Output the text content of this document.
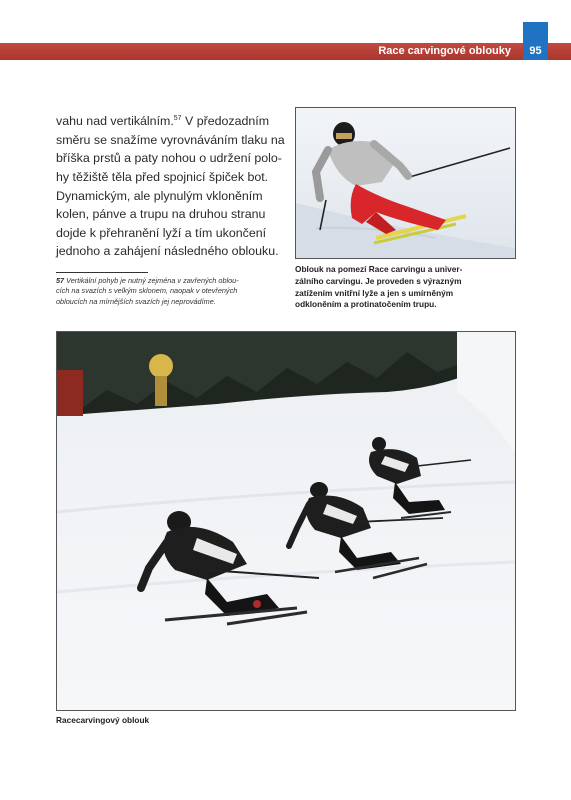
Race carvingové oblouky	95
vahu nad vertikálním.$^{57}$ V předozadním
směru se snažíme vyrovnáváním tlaku na
bříška prstů a paty nohou o udržení polo-
hy těžiště těla před spojnicí špiček bot.
Dynamickým, ale plynulým vkloněním
kolen, pánve a trupu na druhou stranu
dojde k přehranění lyží a tím ukončení
jednoho a zahájení následného oblouku.
57 Vertikální pohyb je nutný zejména v zavřených oblou-
cích na svazích s velkým sklonem, naopak v otevřených
obloucích na mírnějších svazích jej neprovádíme.
Oblouk na pomezí Race carvingu a univer-
zálního carvingu. Je proveden s výrazným
zatížením vnitřní lyže a jen s umírněným
odkloněním a protinatočením trupu.
Racecarvingový oblouk
